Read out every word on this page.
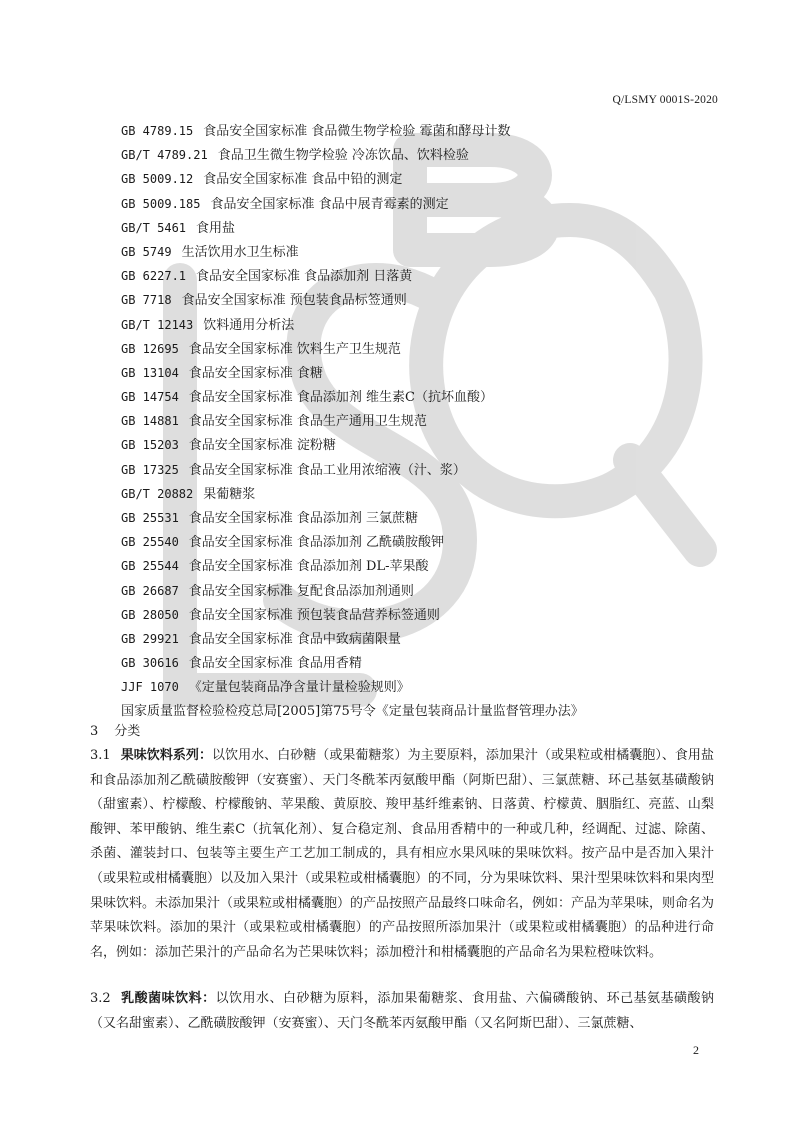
Q/LSMY 0001S-2020
GB 4789.15 食品安全国家标准 食品微生物学检验 霉菌和酵母计数
GB/T 4789.21 食品卫生微生物学检验 冷冻饮品、饮料检验
GB 5009.12 食品安全国家标准 食品中铅的测定
GB 5009.185 食品安全国家标准 食品中展青霉素的测定
GB/T 5461 食用盐
GB 5749 生活饮用水卫生标准
GB 6227.1 食品安全国家标准 食品添加剂 日落黄
GB 7718 食品安全国家标准 预包装食品标签通则
GB/T 12143 饮料通用分析法
GB 12695 食品安全国家标准 饮料生产卫生规范
GB 13104 食品安全国家标准 食糖
GB 14754 食品安全国家标准 食品添加剂 维生素C（抗坏血酸）
GB 14881 食品安全国家标准 食品生产通用卫生规范
GB 15203 食品安全国家标准 淀粉糖
GB 17325 食品安全国家标准 食品工业用浓缩液（汁、浆）
GB/T 20882 果葡糖浆
GB 25531 食品安全国家标准 食品添加剂 三氯蔗糖
GB 25540 食品安全国家标准 食品添加剂 乙酰磺胺酸钾
GB 25544 食品安全国家标准 食品添加剂 DL-苹果酸
GB 26687 食品安全国家标准 复配食品添加剂通则
GB 28050 食品安全国家标准 预包装食品营养标签通则
GB 29921 食品安全国家标准 食品中致病菌限量
GB 30616 食品安全国家标准 食品用香精
JJF 1070 《定量包装商品净含量计量检验规则》
国家质量监督检验检疫总局[2005]第75号令《定量包装商品计量监督管理办法》
3 分类

3.1 果味饮料系列：以饮用水、白砂糖（或果葡糖浆）为主要原料，添加果汁（或果粒或柑橘囊胞）、食用盐和食品添加剂乙酰磺胺酸钾（安赛蜜）、天门冬酰苯丙氨酸甲酯（阿斯巴甜）、三氯蔗糖、环己基氨基磺酸钠（甜蜜素）、柠檬酸、柠檬酸钠、苹果酸、黄原胶、羧甲基纤维素钠、日落黄、柠檬黄、胭脂红、亮蓝、山梨酸钾、苯甲酸钠、维生素C（抗氧化剂）、复合稳定剂、食品用香精中的一种或几种，经调配、过滤、除菌、杀菌、灌装封口、包装等主要生产工艺加工制成的，具有相应水果风味的果味饮料。按产品中是否加入果汁（或果粒或柑橘囊胞）以及加入果汁（或果粒或柑橘囊胞）的不同，分为果味饮料、果汁型果味饮料和果肉型果味饮料。未添加果汁（或果粒或柑橘囊胞）的产品按照产品最终口味命名，例如：产品为苹果味，则命名为苹果味饮料。添加的果汁（或果粒或柑橘囊胞）的产品按照所添加果汁（或果粒或柑橘囊胞）的品种进行命名，例如：添加芒果汁的产品命名为芒果味饮料；添加橙汁和柑橘囊胞的产品命名为果粒橙味饮料。

3.2 乳酸菌味饮料：以饮用水、白砂糖为原料，添加果葡糖浆、食用盐、六偏磷酸钠、环己基氨基磺酸钠（又名甜蜜素）、乙酰磺胺酸钾（安赛蜜）、天门冬酰苯丙氨酸甲酯（又名阿斯巴甜）、三氯蔗糖、

2
